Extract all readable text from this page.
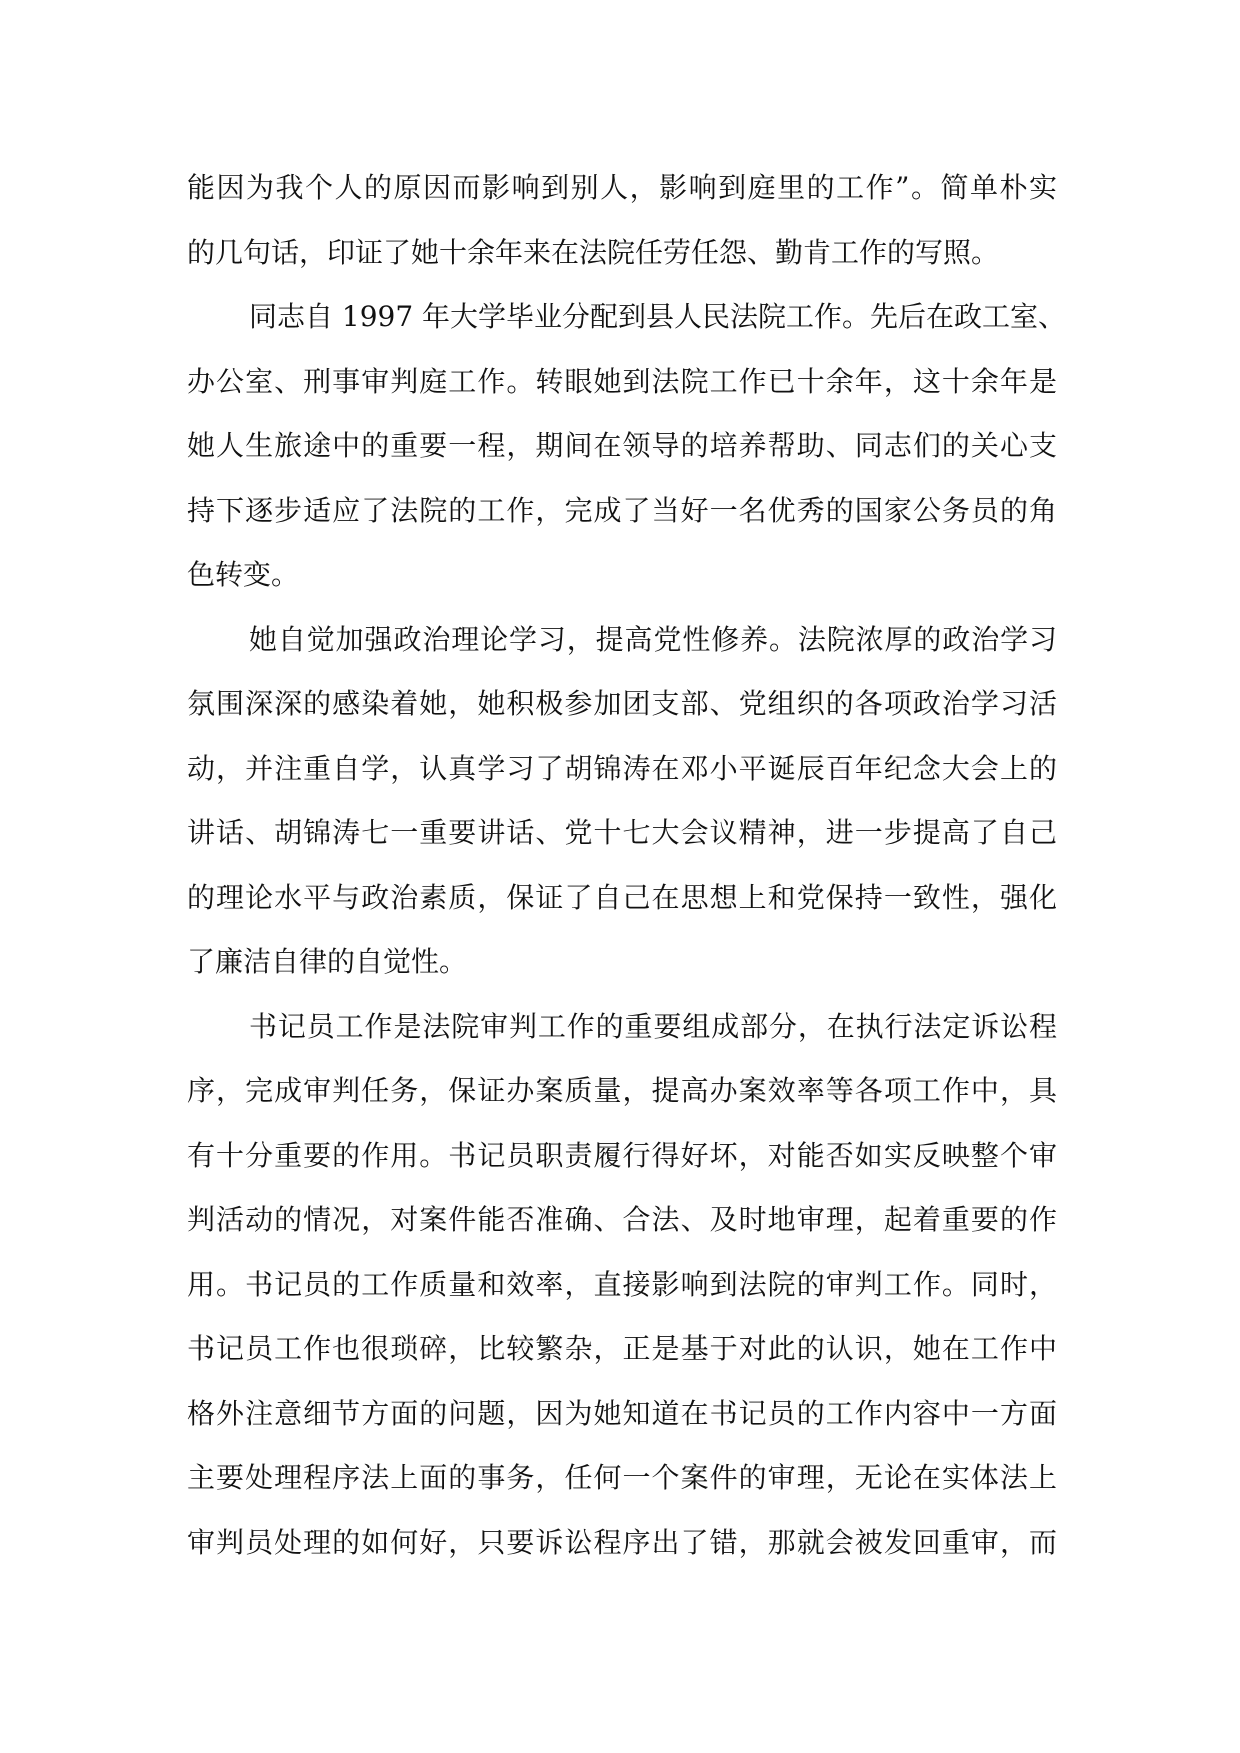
能因为我个人的原因而影响到别人，影响到庭里的工作”。简单朴实
的几句话，印证了她十余年来在法院任劳任怨、勤肯工作的写照。
同志自 1997 年大学毕业分配到县人民法院工作。先后在政工室、
办公室、刑事审判庭工作。转眼她到法院工作已十余年，这十余年是
她人生旅途中的重要一程，期间在领导的培养帮助、同志们的关心支
持下逐步适应了法院的工作，完成了当好一名优秀的国家公务员的角
色转变。
她自觉加强政治理论学习，提高党性修养。法院浓厚的政治学习
氛围深深的感染着她，她积极参加团支部、党组织的各项政治学习活
动，并注重自学，认真学习了胡锦涛在邓小平诞辰百年纪念大会上的
讲话、胡锦涛七一重要讲话、党十七大会议精神，进一步提高了自己
的理论水平与政治素质，保证了自己在思想上和党保持一致性，强化
了廉洁自律的自觉性。
书记员工作是法院审判工作的重要组成部分，在执行法定诉讼程
序，完成审判任务，保证办案质量，提高办案效率等各项工作中，具
有十分重要的作用。书记员职责履行得好坏，对能否如实反映整个审
判活动的情况，对案件能否准确、合法、及时地审理，起着重要的作
用。书记员的工作质量和效率，直接影响到法院的审判工作。同时，
书记员工作也很琐碎，比较繁杂，正是基于对此的认识，她在工作中
格外注意细节方面的问题，因为她知道在书记员的工作内容中一方面
主要处理程序法上面的事务，任何一个案件的审理，无论在实体法上
审判员处理的如何好，只要诉讼程序出了错，那就会被发回重审，而
